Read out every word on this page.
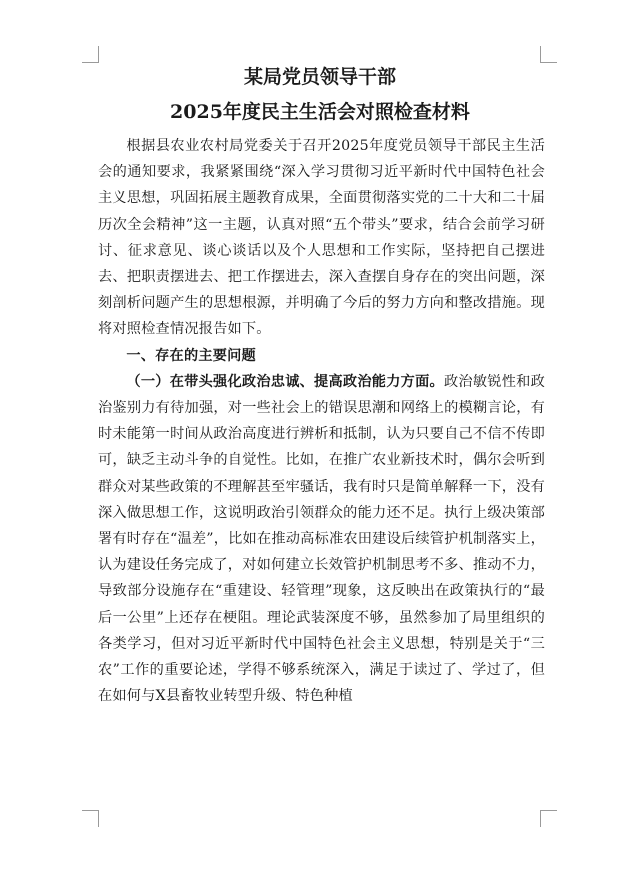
某局党员领导干部
2025年度民主生活会对照检查材料

根据县农业农村局党委关于召开2025年度党员领导干部民主生活会的通知要求，我紧紧围绕“深入学习贯彻习近平新时代中国特色社会主义思想，巩固拓展主题教育成果，全面贯彻落实党的二十大和二十届历次全会精神”这一主题，认真对照“五个带头”要求，结合会前学习研讨、征求意见、谈心谈话以及个人思想和工作实际，坚持把自己摆进去、把职责摆进去、把工作摆进去，深入查摆自身存在的突出问题，深刻剖析问题产生的思想根源，并明确了今后的努力方向和整改措施。现将对照检查情况报告如下。

一、存在的主要问题

（一）在带头强化政治忠诚、提高政治能力方面。政治敏锐性和政治鉴别力有待加强，对一些社会上的错误思潮和网络上的模糊言论，有时未能第一时间从政治高度进行辨析和抵制，认为只要自己不信不传即可，缺乏主动斗争的自觉性。比如，在推广农业新技术时，偶尔会听到群众对某些政策的不理解甚至牢骚话，我有时只是简单解释一下，没有深入做思想工作，这说明政治引领群众的能力还不足。执行上级决策部署有时存在“温差”，比如在推动高标准农田建设后续管护机制落实上，认为建设任务完成了，对如何建立长效管护机制思考不多、推动不力，导致部分设施存在“重建设、轻管理”现象，这反映出在政策执行的“最后一公里”上还存在梗阻。理论武装深度不够，虽然参加了局里组织的各类学习，但对习近平新时代中国特色社会主义思想，特别是关于“三农”工作的重要论述，学得不够系统深入，满足于读过了、学过了，但在如何与X县畜牧业转型升级、特色种植
